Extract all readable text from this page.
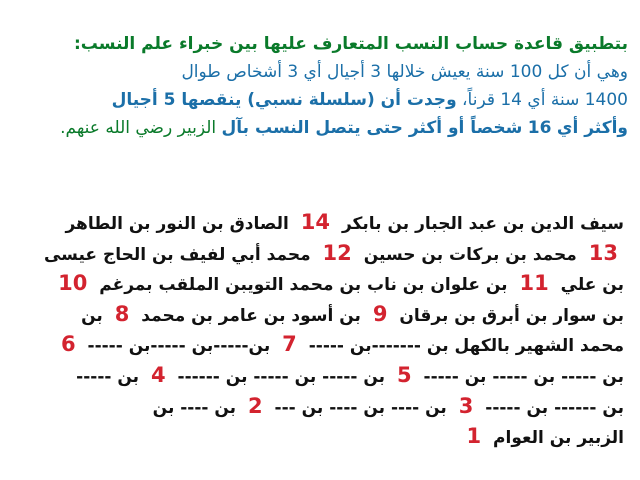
بتطبيق قاعدة حساب النسب المتعارف عليها بين خبراء علم النسب:

وهي أن كل 100 سنة يعيش خلالها 3 أجيال أي 3 أشخاص طوال

1400 سنة أي 14 قرناً، وجدت أن (سلسلة نسبي) ينقصها 5 أجيال

وأكثر أي 16 شخصاً أو أكثر حتى يتصل النسب بآل الزبير رضي الله عنهم.

سيف الدين بن عبد الجبار بن بابكر 14 الصادق بن النور بن الطاهر
13 محمد بن بركات بن حسين 12 محمد أبي لفيف بن الحاج عيسى
بن علي 11 بن علوان بن ناب بن محمد التويبن الملقب بمرغم 10
بن سوار بن أبرق بن برقان 9 بن أسود بن عامر بن محمد 8 بن
محمد الشهير بالكهل بن -------بن ----- 7 بن-----بن -----بن ----- 6
بن ----- بن ----- بن ----- 5 بن ----- بن ----- بن ------ 4 بن -----
بن ------ بن ----- 3 بن ---- بن ---- بن --- 2 بن ---- بن
الزبير بن العوام 1
